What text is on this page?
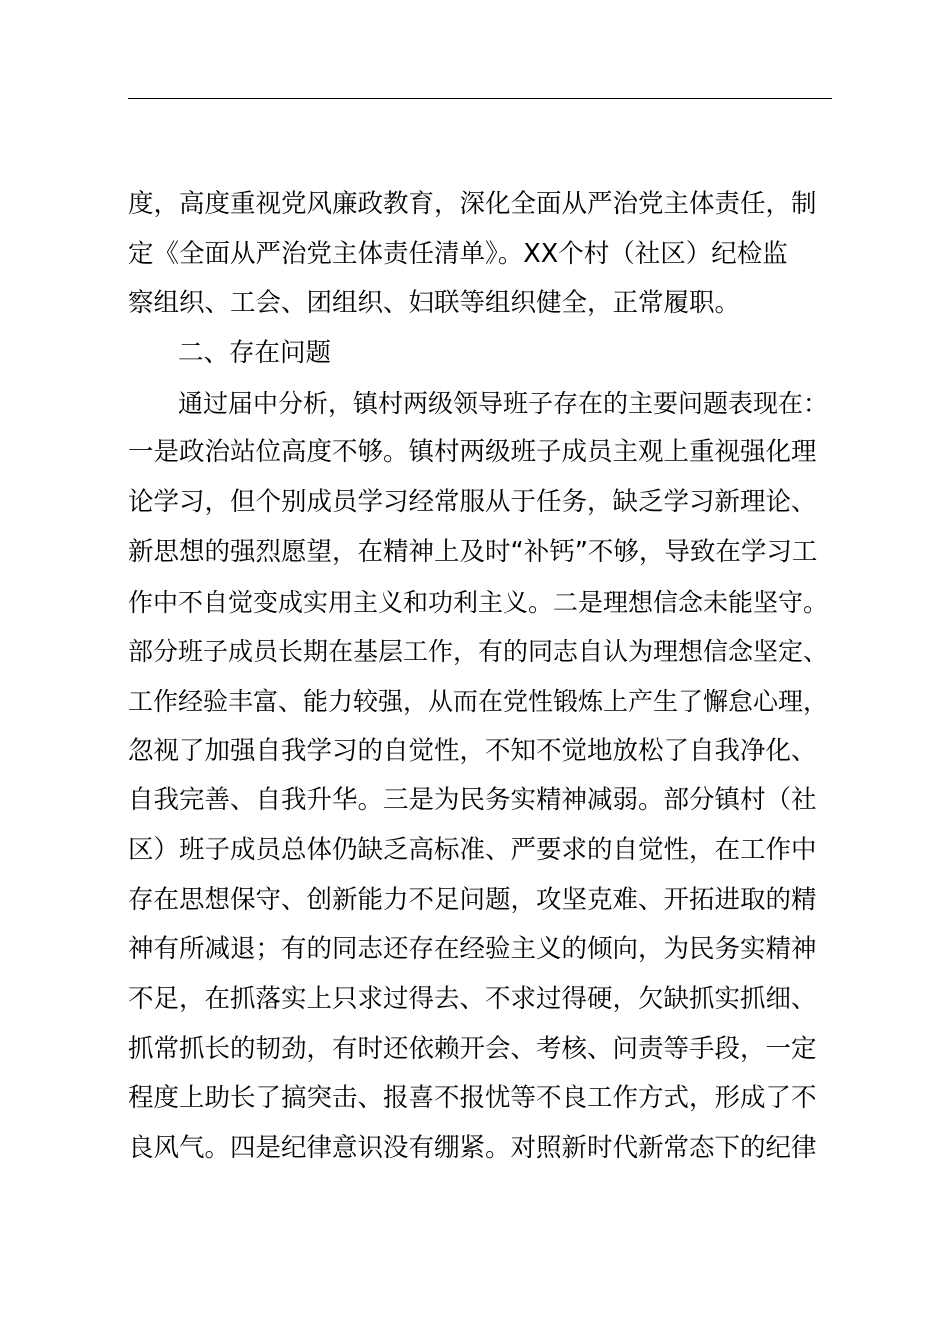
度，高度重视党风廉政教育，深化全面从严治党主体责任，制
定《全面从严治党主体责任清单》。XX个村（社区）纪检监
察组织、工会、团组织、妇联等组织健全，正常履职。
二、存在问题
通过届中分析，镇村两级领导班子存在的主要问题表现在：
一是政治站位高度不够。镇村两级班子成员主观上重视强化理
论学习，但个别成员学习经常服从于任务，缺乏学习新理论、
新思想的强烈愿望，在精神上及时“补钙”不够，导致在学习工
作中不自觉变成实用主义和功利主义。二是理想信念未能坚守。
部分班子成员长期在基层工作，有的同志自认为理想信念坚定、
工作经验丰富、能力较强，从而在党性锻炼上产生了懈怠心理，
忽视了加强自我学习的自觉性，不知不觉地放松了自我净化、
自我完善、自我升华。三是为民务实精神减弱。部分镇村（社
区）班子成员总体仍缺乏高标准、严要求的自觉性，在工作中
存在思想保守、创新能力不足问题，攻坚克难、开拓进取的精
神有所减退；有的同志还存在经验主义的倾向，为民务实精神
不足，在抓落实上只求过得去、不求过得硬，欠缺抓实抓细、
抓常抓长的韧劲，有时还依赖开会、考核、问责等手段，一定
程度上助长了搞突击、报喜不报忧等不良工作方式，形成了不
良风气。四是纪律意识没有绷紧。对照新时代新常态下的纪律
